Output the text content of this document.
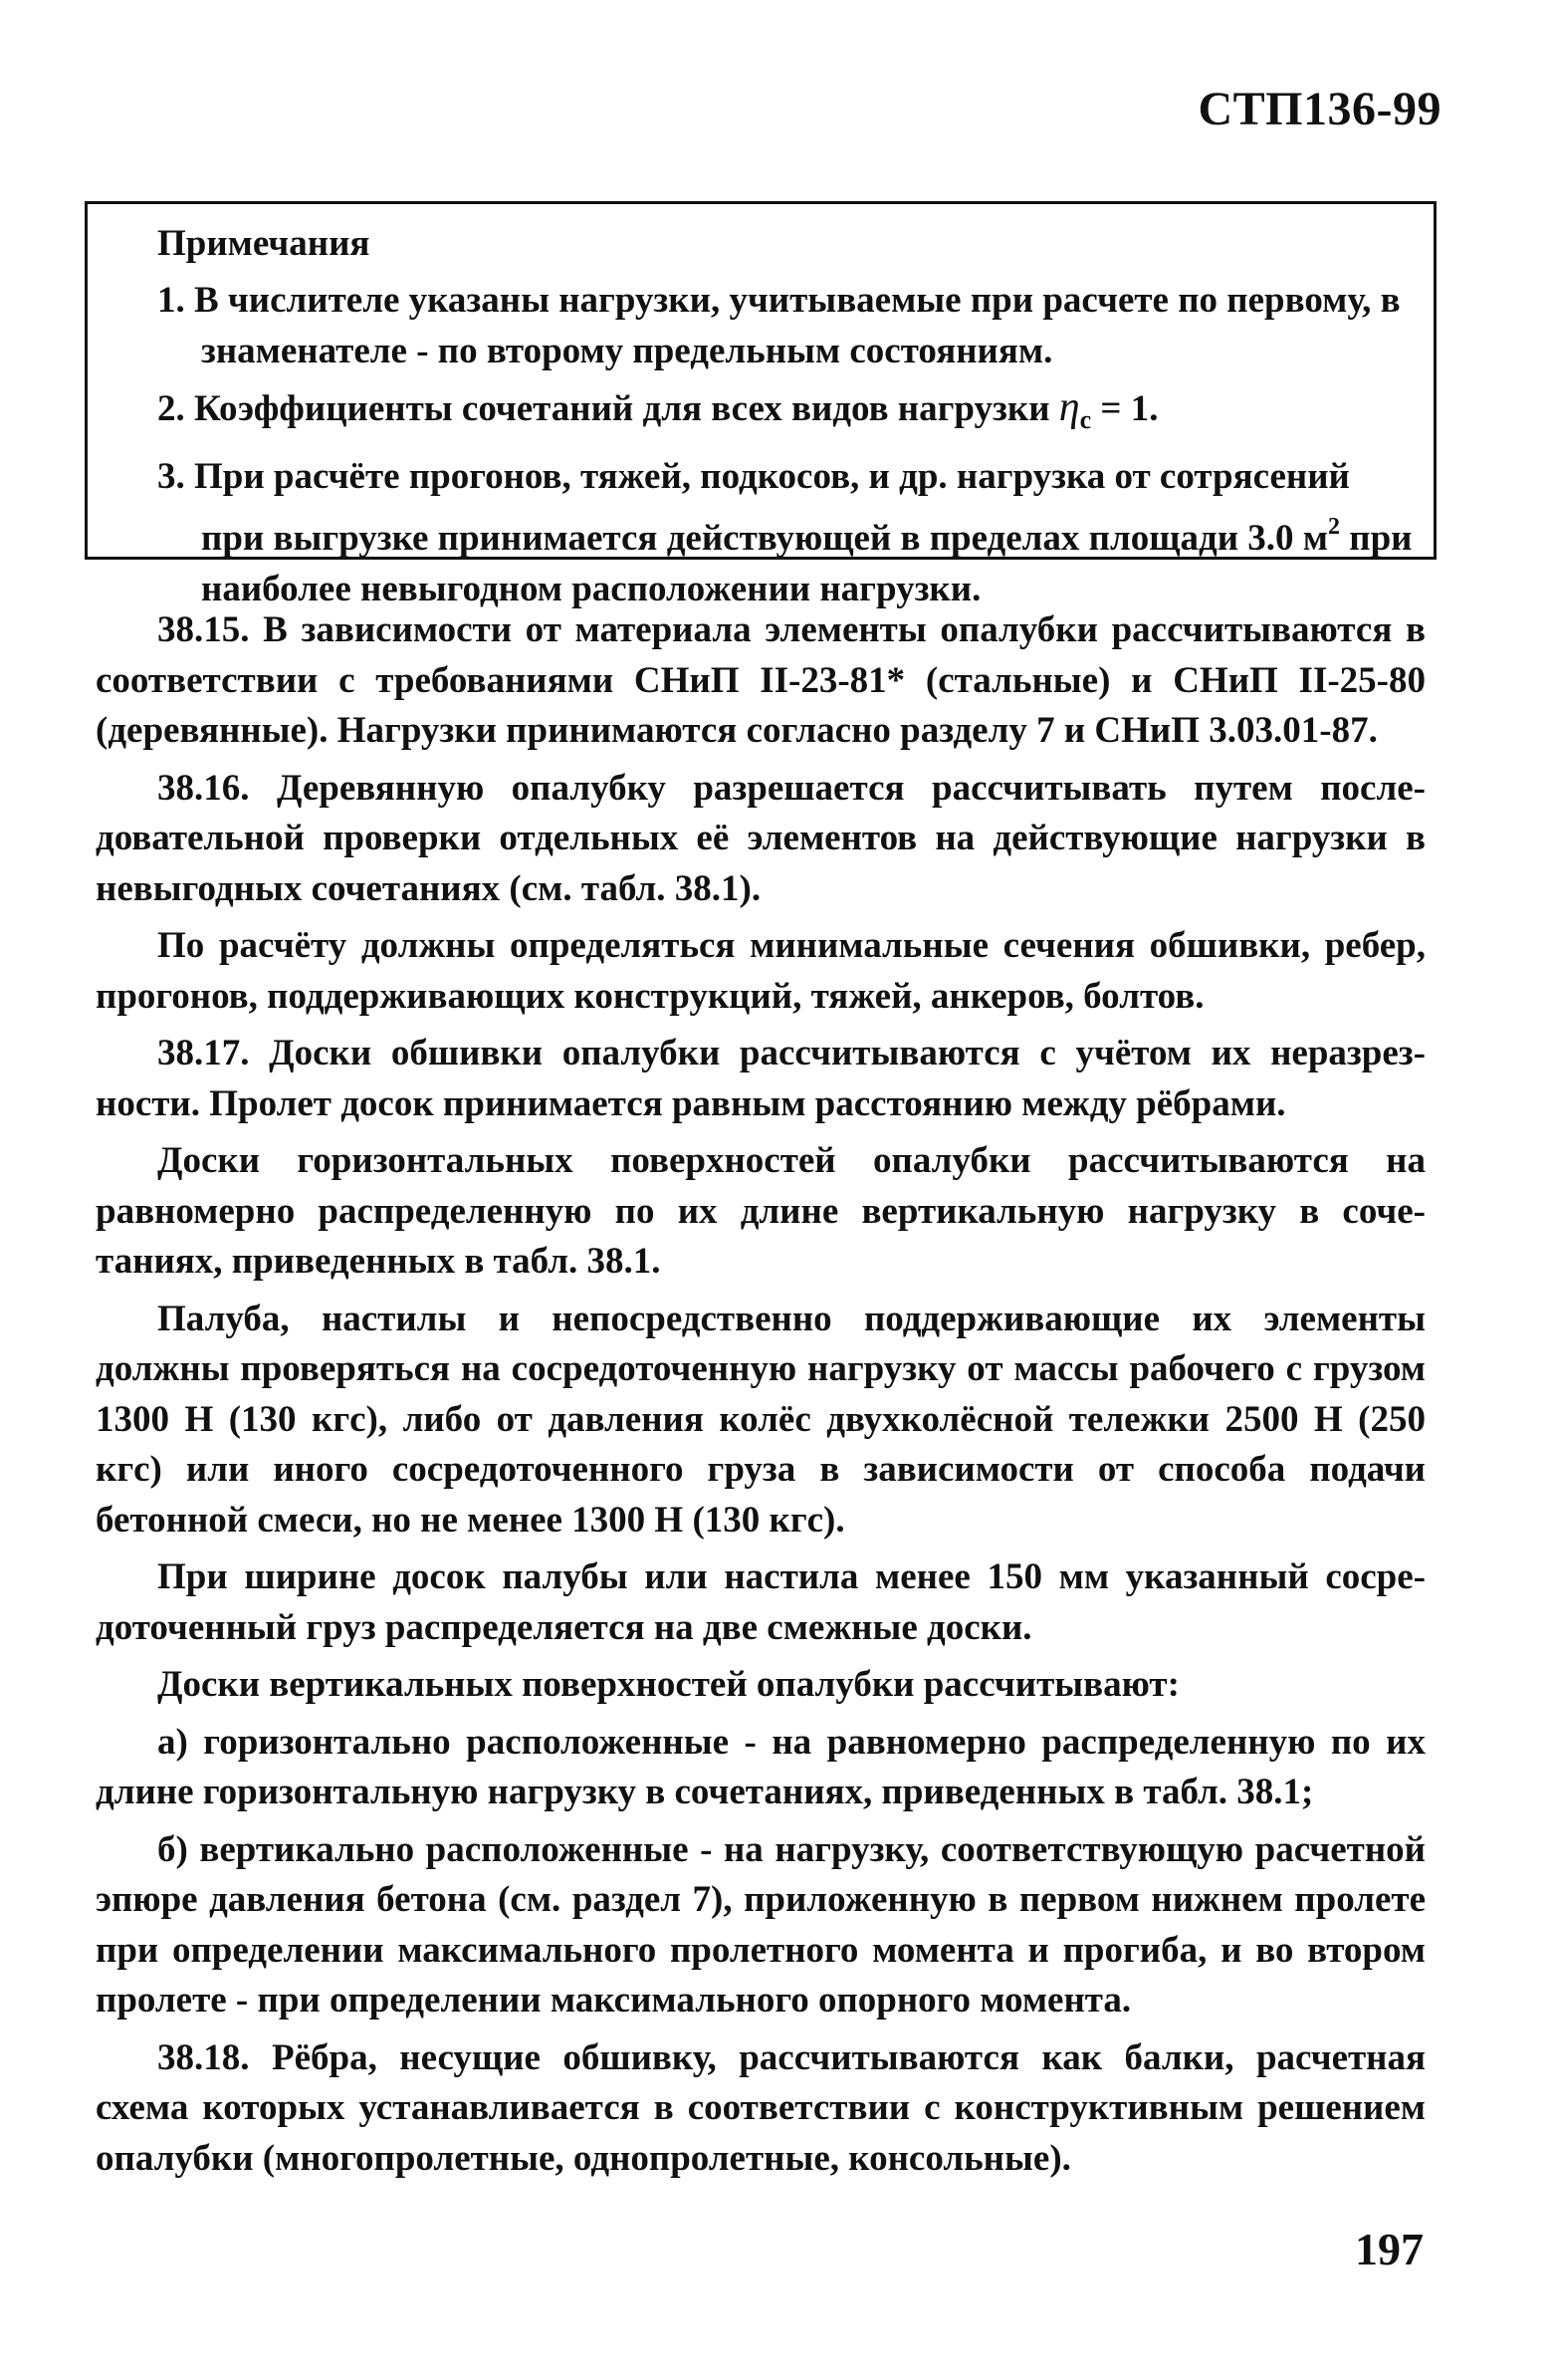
СТП136-99
Примечания
1. В числителе указаны нагрузки, учитываемые при расчете по первому, в знаменателе - по второму предельным состояниям.
2. Коэффициенты сочетаний для всех видов нагрузки $\eta_c = 1$.
3. При расчёте прогонов, тяжей, подкосов, и др. нагрузка от сотрясений при выгрузке принимается действующей в пределах площади 3.0 $м^2$ при наиболее невыгодном расположении нагрузки.

38.15. В зависимости от материала элементы опалубки рассчитываются в соответствии с требованиями СНиП II-23-81* (стальные) и СНиП II-25-80 (деревянные). Нагрузки принимаются согласно разделу 7 и СНиП 3.03.01-87.

38.16. Деревянную опалубку разрешается рассчитывать путем последовательной проверки отдельных её элементов на действующие нагрузки в невыгодных сочетаниях (см. табл. 38.1).

По расчёту должны определяться минимальные сечения обшивки, ребер, прогонов, поддерживающих конструкций, тяжей, анкеров, болтов.

38.17. Доски обшивки опалубки рассчитываются с учётом их неразрезности. Пролет досок принимается равным расстоянию между рёбрами.

Доски горизонтальных поверхностей опалубки рассчитываются на равномерно распределенную по их длине вертикальную нагрузку в сочетаниях, приведенных в табл. 38.1.

Палуба, настилы и непосредственно поддерживающие их элементы должны проверяться на сосредоточенную нагрузку от массы рабочего с грузом 1300 Н (130 кгс), либо от давления колёс двухколёсной тележки 2500 Н (250 кгс) или иного сосредоточенного груза в зависимости от способа подачи бетонной смеси, но не менее 1300 Н (130 кгс).

При ширине досок палубы или настила менее 150 мм указанный сосредоточенный груз распределяется на две смежные доски.

Доски вертикальных поверхностей опалубки рассчитывают:

а) горизонтально расположенные - на равномерно распределенную по их длине горизонтальную нагрузку в сочетаниях, приведенных в табл. 38.1;

б) вертикально расположенные - на нагрузку, соответствующую расчетной эпюре давления бетона (см. раздел 7), приложенную в первом нижнем пролете при определении максимального пролетного момента и прогиба, и во втором пролете - при определении максимального опорного момента.

38.18. Рёбра, несущие обшивку, рассчитываются как балки, расчетная схема которых устанавливается в соответствии с конструктивным решением опалубки (многопролетные, однопролетные, консольные).

197
